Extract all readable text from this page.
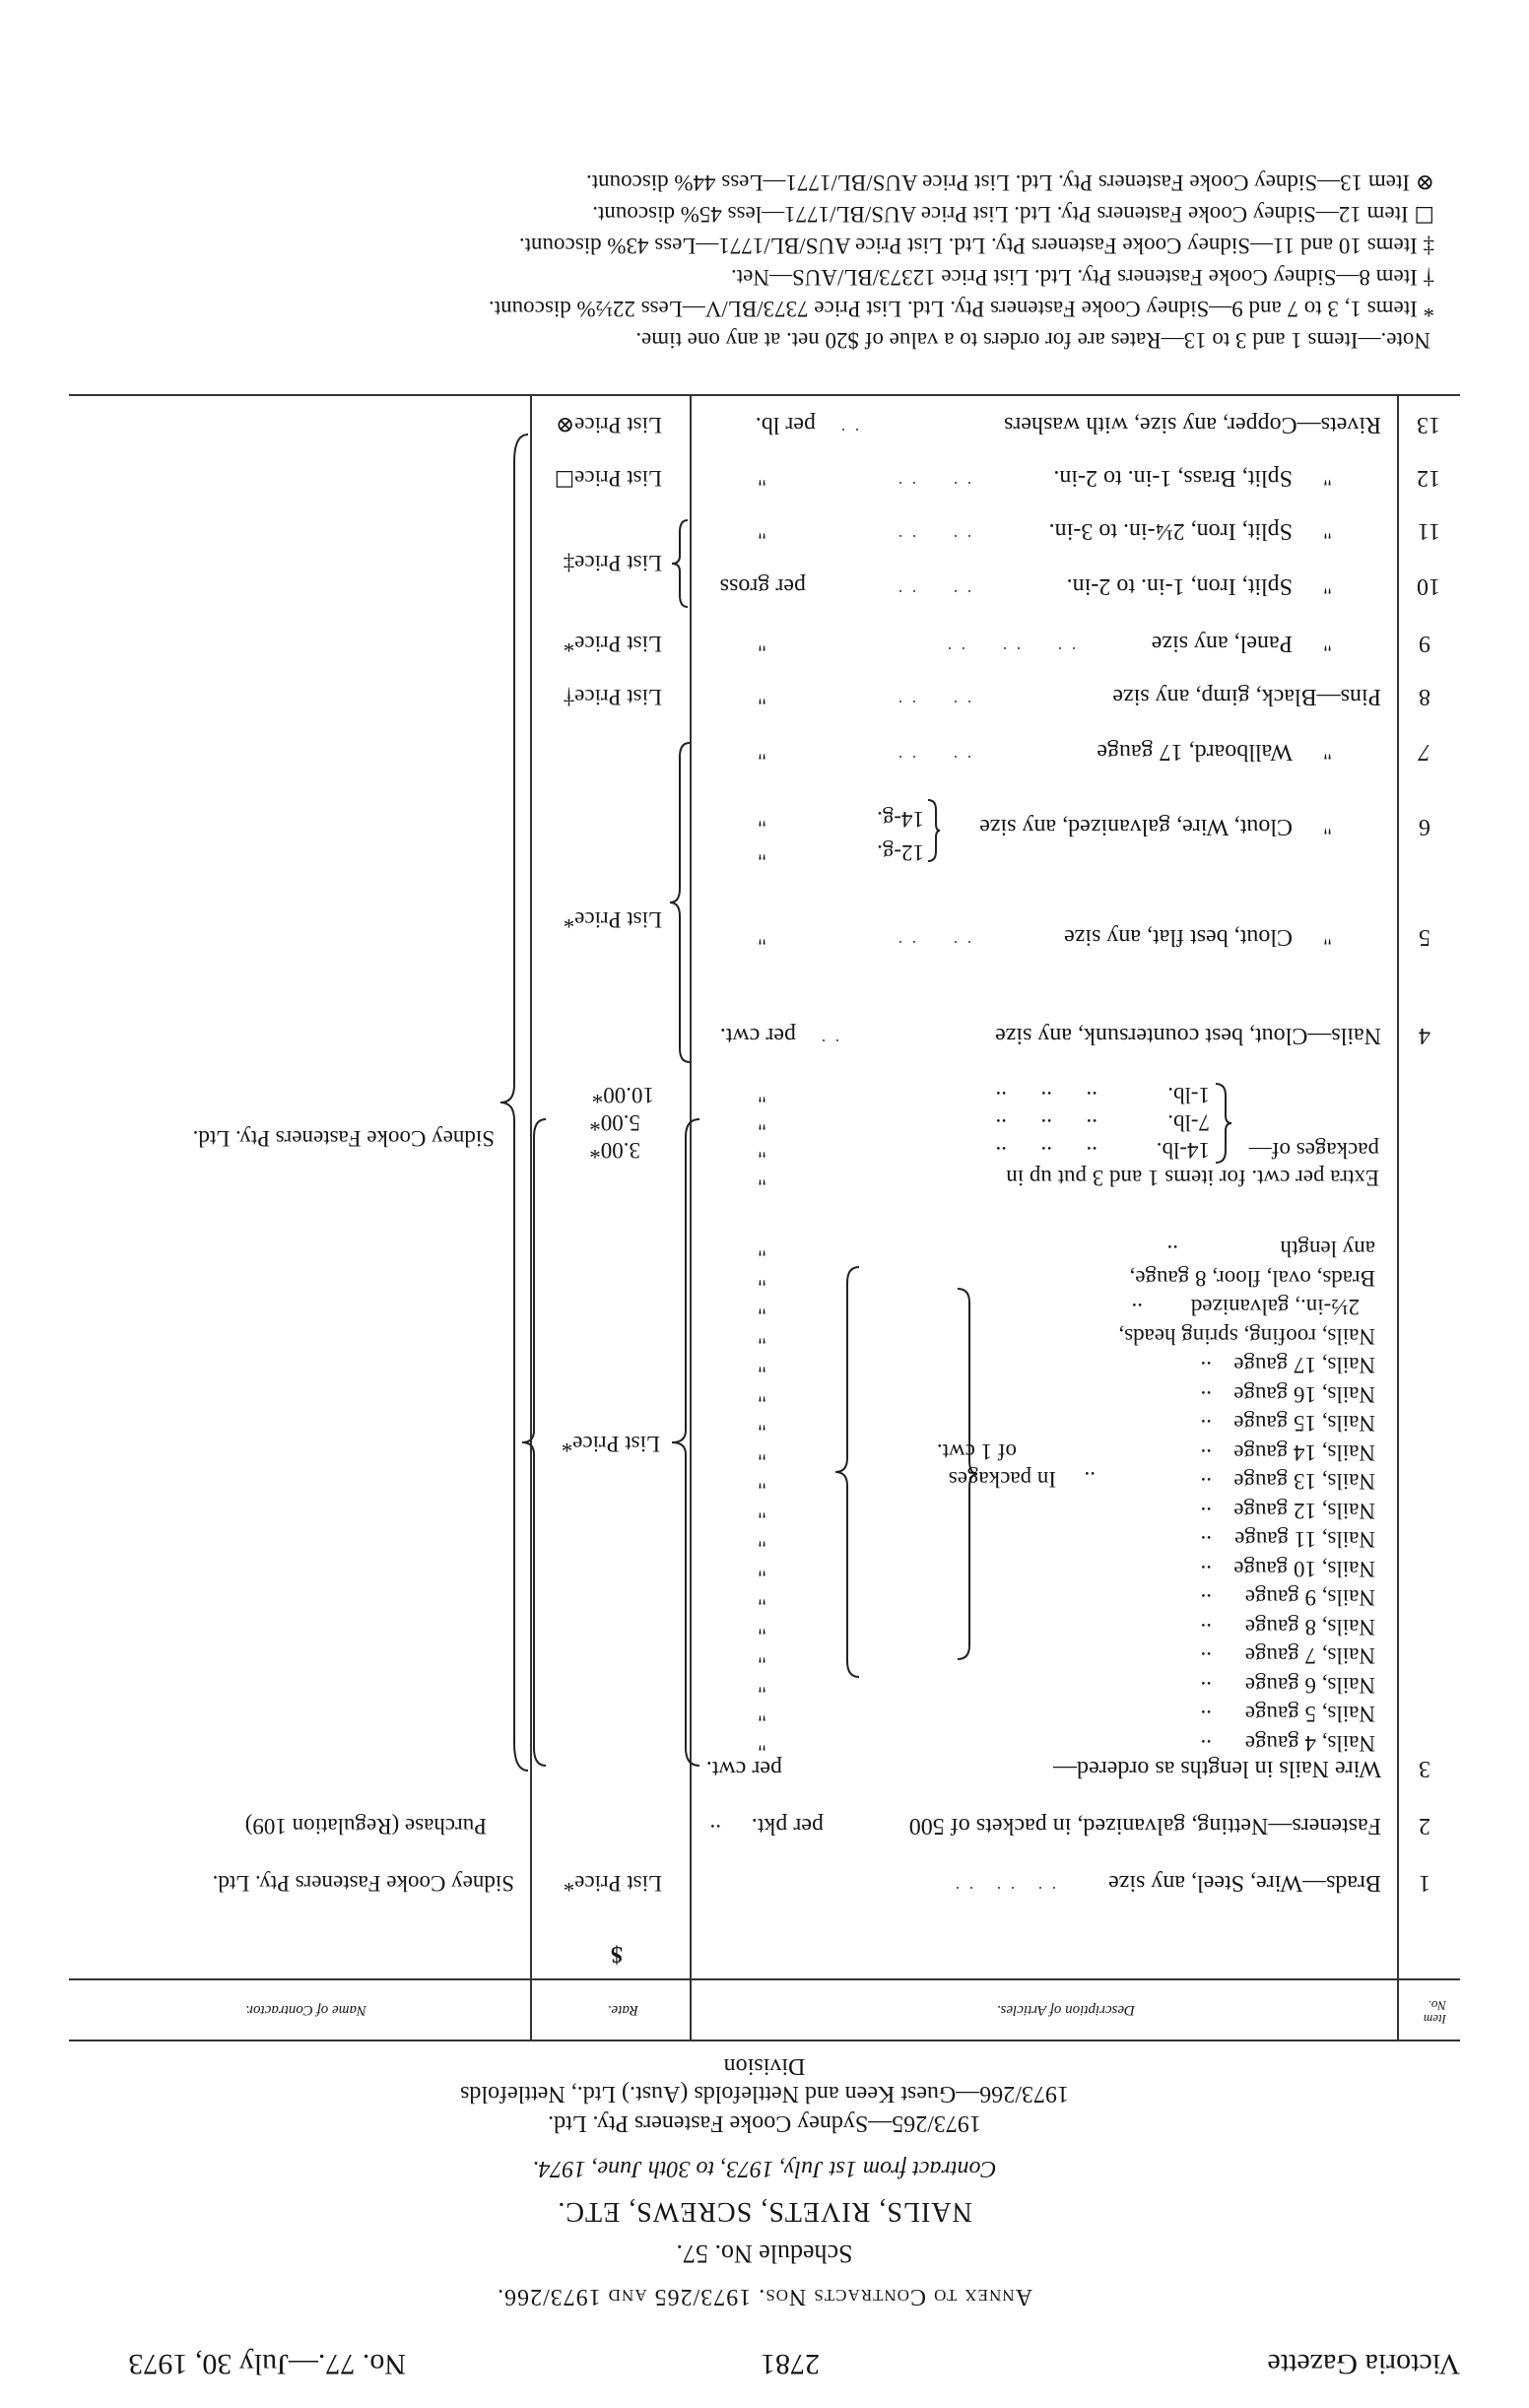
Victoria Gazette
2781
No. 77.—July 30, 1973
Annex to Contracts Nos. 1973/265 and 1973/266.
Schedule No. 57.
NAILS, RIVETS, SCREWS, ETC.
Contract from 1st July, 1973, to 30th June, 1974.
1973/265—Sydney Cooke Fasteners Pty. Ltd.
1973/266—Guest Keen and Nettlefolds (Aust.) Ltd., Nettlefolds
Division
Item No.
Description of Articles.
Rate.
Name of Contractor.
$
1
Brads—Wire, Steel, any size
.. .. ..
List Price*
Sidney Cooke Fasteners Pty. Ltd.
2
Fasteners—Netting, galvanized, in packets of 500
per pkt.
..
Purchase (Regulation 109)
3
Wire Nails in lengths as ordered—
per cwt.
Nails, 4 gauge
..
"
Nails, 5 gauge
..
"
Nails, 6 gauge
..
"
Nails, 7 gauge
..
"
Nails, 8 gauge
..
"
Nails, 9 gauge
..
"
Nails, 10 gauge
..
"
Nails, 11 gauge
..
"
Nails, 12 gauge
..
"
Nails, 13 gauge
..
"
Nails, 14 gauge
..
"
Nails, 15 gauge
..
"
Nails, 16 gauge
..
"
Nails, 17 gauge
..
"
Nails, roofing, spring heads,
"
2½-in., galvanized
..
"
Brads, oval, floor, 8 gauge,
"
any length
..
"
..
In packages
of 1 cwt.
List Price*
Extra per cwt. for items 1 and 3 put up in
packages of—
14-lb.
..      ..      ..
"
3.00*
7-lb.
..      ..      ..
"
5.00*
1-lb.
..      ..      ..
"
10.00*
"
Sidney Cooke Fasteners Pty. Ltd.
4
Nails—Clout, best countersunk, any size
..
per cwt.
5
"
Clout, best flat, any size
..  ..
"
List Price*
6
"
Clout, Wire, galvanized, any size
12-g.
14-g.
"
"
7
"
Wallboard, 17 gauge
..  ..
"
8
Pins—Black, gimp, any size
..  ..
"
List Price†
9
"
Panel, any size
..  ..  ..
"
List Price*
10
"
Split, Iron, 1-in. to 2-in.
..  ..
per gross
List Price‡
11
"
Split, Iron, 2¼-in. to 3-in.
..  ..
"
12
"
Split, Brass, 1-in. to 2-in.
..  ..
"
List Price☐
13
Rivets—Copper, any size, with washers
..
per lb.
List Price⊗
Note.—Items 1 and 3 to 13—Rates are for orders to a value of $20 net. at any one time.
* Items 1, 3 to 7 and 9—Sidney Cooke Fasteners Pty. Ltd. List Price 7373/BL/V—Less 22½% discount.
† Item 8—Sidney Cooke Fasteners Pty. Ltd. List Price 12373/BL/AUS—Net.
‡ Items 10 and 11—Sidney Cooke Fasteners Pty. Ltd. List Price AUS/BL/1771—Less 43% discount.
☐ Item 12—Sidney Cooke Fasteners Pty. Ltd. List Price AUS/BL/1771—less 45% discount.
⊗ Item 13—Sidney Cooke Fasteners Pty. Ltd. List Price AUS/BL/1771—Less 44% discount.
